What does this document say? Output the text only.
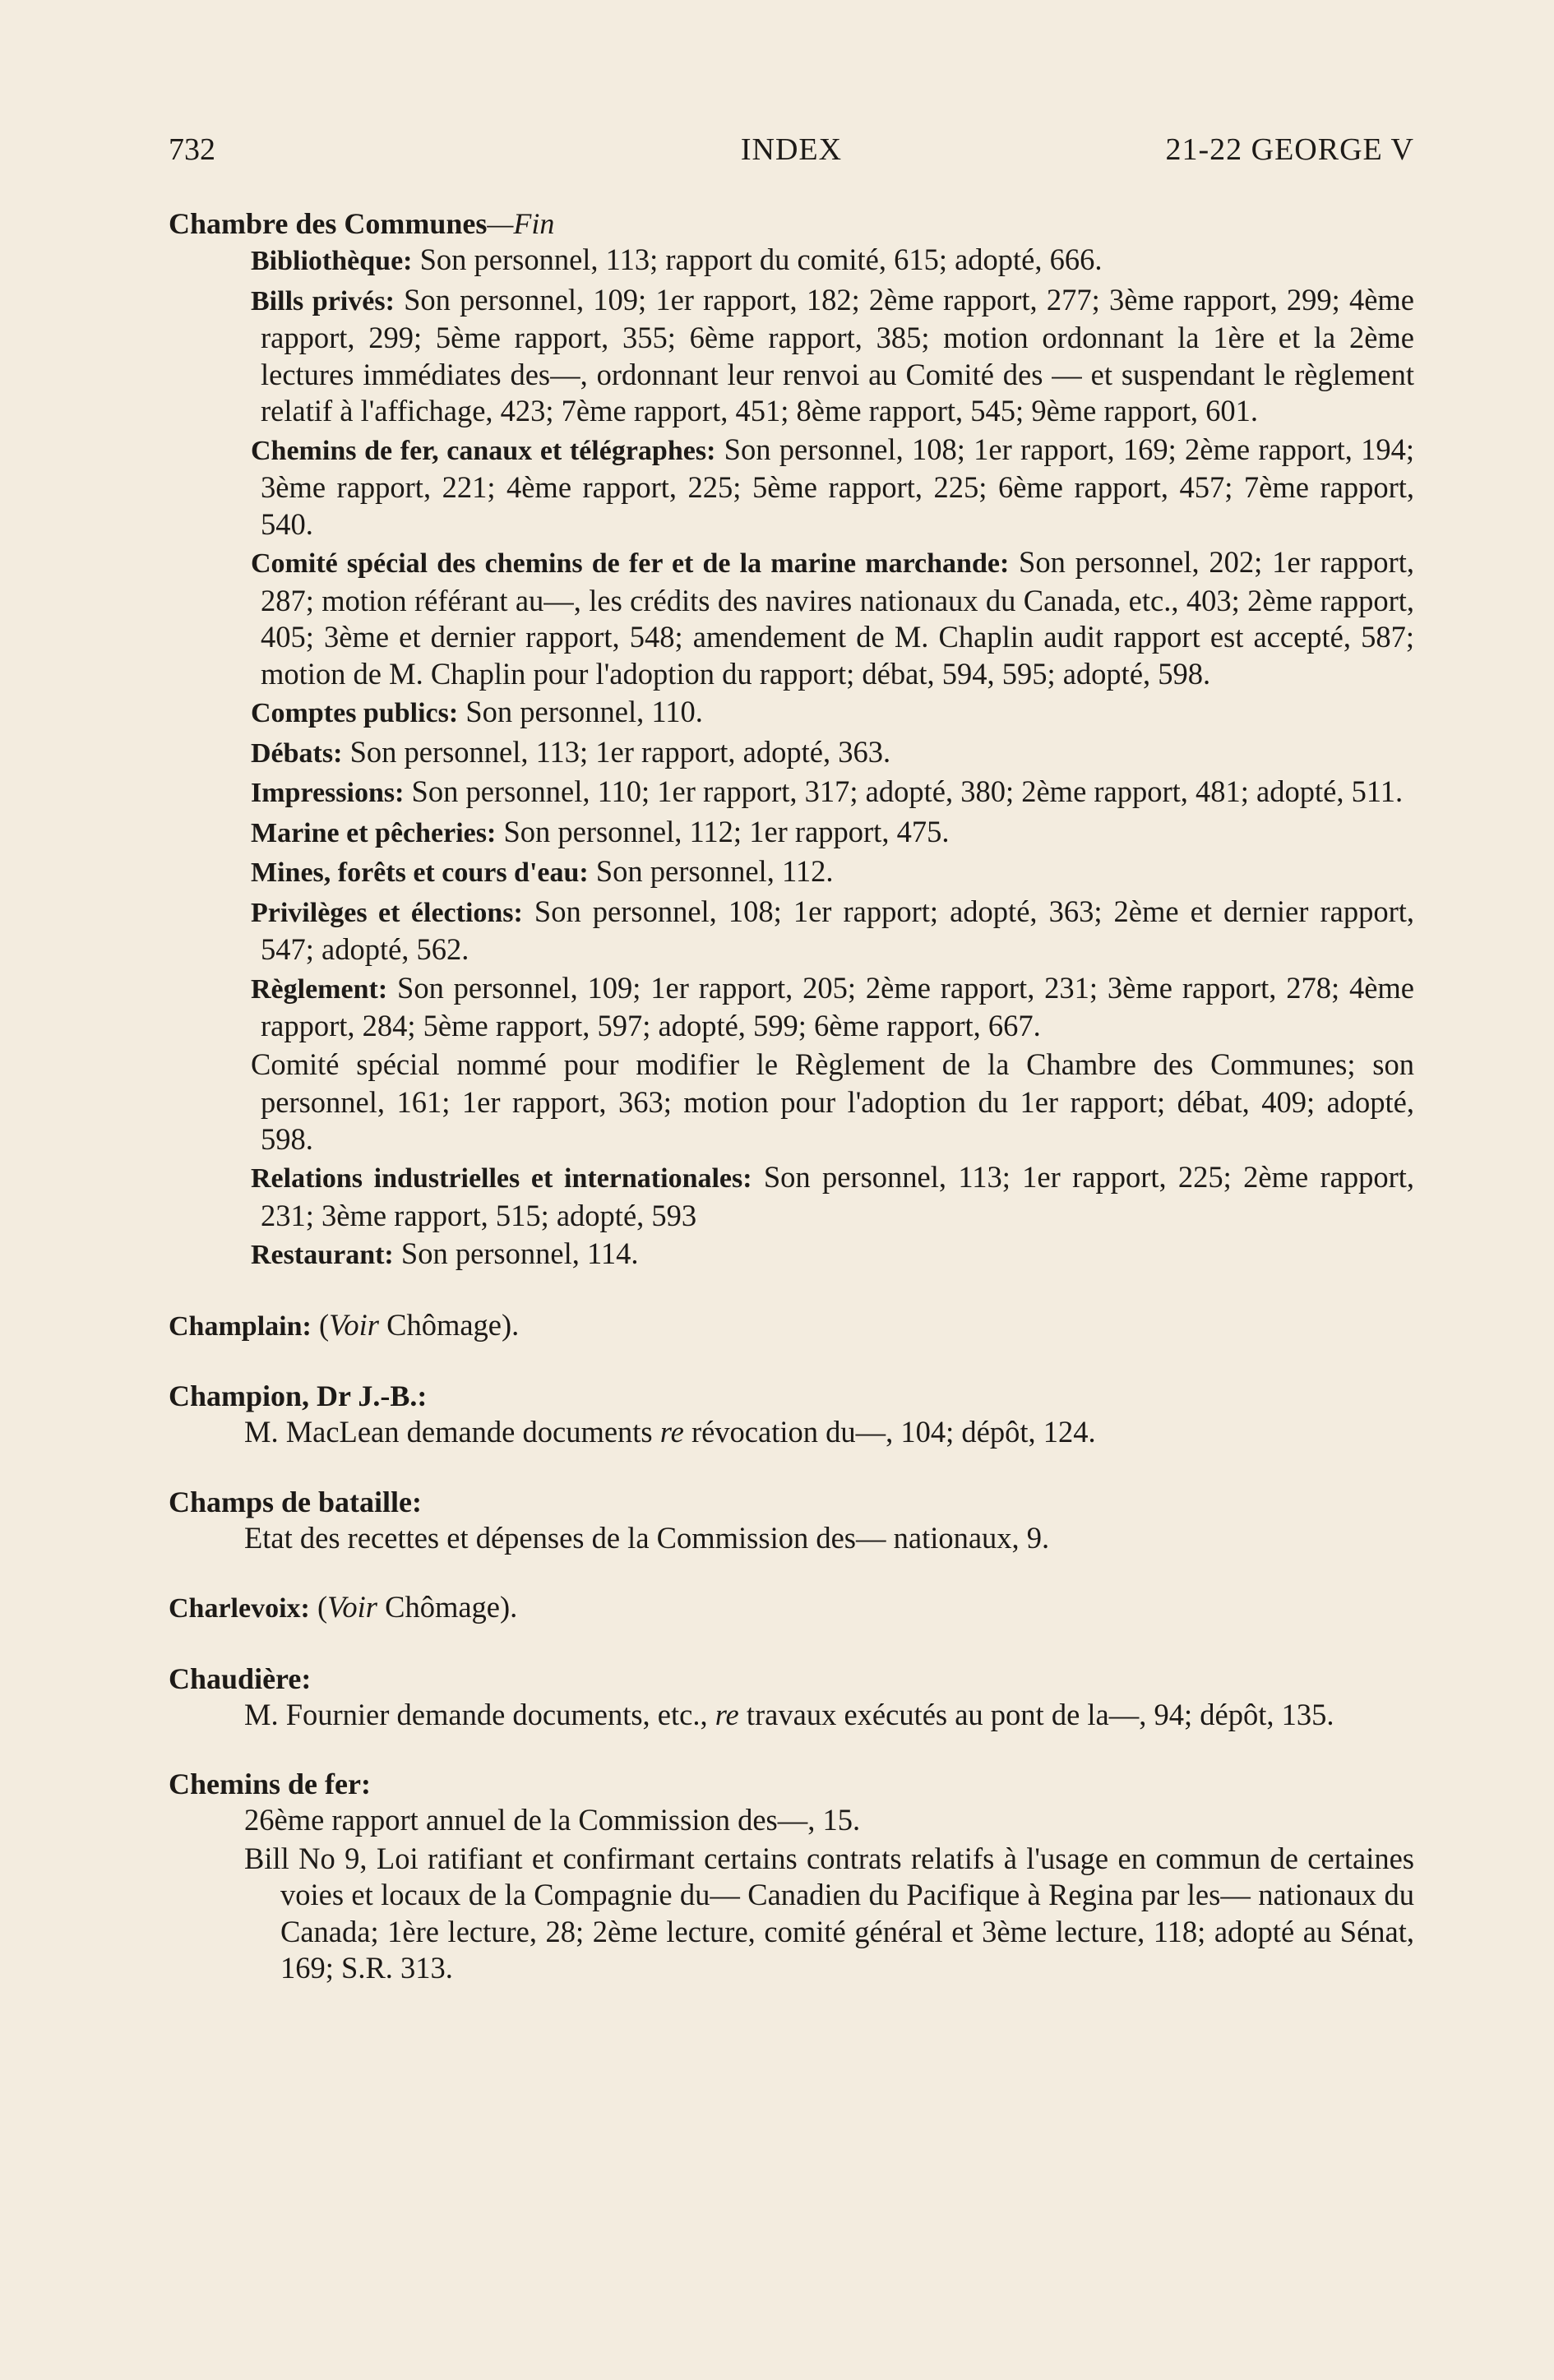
732	INDEX	21-22 GEORGE V

Chambre des Communes—Fin

Bibliothèque: Son personnel, 113; rapport du comité, 615; adopté, 666.

Bills privés: Son personnel, 109; 1er rapport, 182; 2ème rapport, 277; 3ème rapport, 299; 4ème rapport, 299; 5ème rapport, 355; 6ème rapport, 385; motion ordonnant la 1ère et la 2ème lectures immédiates des—, ordonnant leur renvoi au Comité des — et suspendant le règlement relatif à l'affichage, 423; 7ème rapport, 451; 8ème rapport, 545; 9ème rapport, 601.

Chemins de fer, canaux et télégraphes: Son personnel, 108; 1er rapport, 169; 2ème rapport, 194; 3ème rapport, 221; 4ème rapport, 225; 5ème rapport, 225; 6ème rapport, 457; 7ème rapport, 540.

Comité spécial des chemins de fer et de la marine marchande: Son personnel, 202; 1er rapport, 287; motion référant au—, les crédits des navires nationaux du Canada, etc., 403; 2ème rapport, 405; 3ème et dernier rapport, 548; amendement de M. Chaplin audit rapport est accepté, 587; motion de M. Chaplin pour l'adoption du rapport; débat, 594, 595; adopté, 598.

Comptes publics: Son personnel, 110.

Débats: Son personnel, 113; 1er rapport, adopté, 363.

Impressions: Son personnel, 110; 1er rapport, 317; adopté, 380; 2ème rapport, 481; adopté, 511.

Marine et pêcheries: Son personnel, 112; 1er rapport, 475.

Mines, forêts et cours d'eau: Son personnel, 112.

Privilèges et élections: Son personnel, 108; 1er rapport; adopté, 363; 2ème et dernier rapport, 547; adopté, 562.

Règlement: Son personnel, 109; 1er rapport, 205; 2ème rapport, 231; 3ème rapport, 278; 4ème rapport, 284; 5ème rapport, 597; adopté, 599; 6ème rapport, 667.

Comité spécial nommé pour modifier le Règlement de la Chambre des Communes; son personnel, 161; 1er rapport, 363; motion pour l'adoption du 1er rapport; débat, 409; adopté, 598.

Relations industrielles et internationales: Son personnel, 113; 1er rapport, 225; 2ème rapport, 231; 3ème rapport, 515; adopté, 593

Restaurant: Son personnel, 114.

Champlain: (Voir Chômage).

Champion, Dr J.-B.:

M. MacLean demande documents re révocation du—, 104; dépôt, 124.

Champs de bataille:

Etat des recettes et dépenses de la Commission des— nationaux, 9.

Charlevoix: (Voir Chômage).

Chaudière:

M. Fournier demande documents, etc., re travaux exécutés au pont de la—, 94; dépôt, 135.

Chemins de fer:

26ème rapport annuel de la Commission des—, 15.

Bill No 9, Loi ratifiant et confirmant certains contrats relatifs à l'usage en commun de certaines voies et locaux de la Compagnie du— Canadien du Pacifique à Regina par les— nationaux du Canada; 1ère lecture, 28; 2ème lecture, comité général et 3ème lecture, 118; adopté au Sénat, 169; S.R. 313.
